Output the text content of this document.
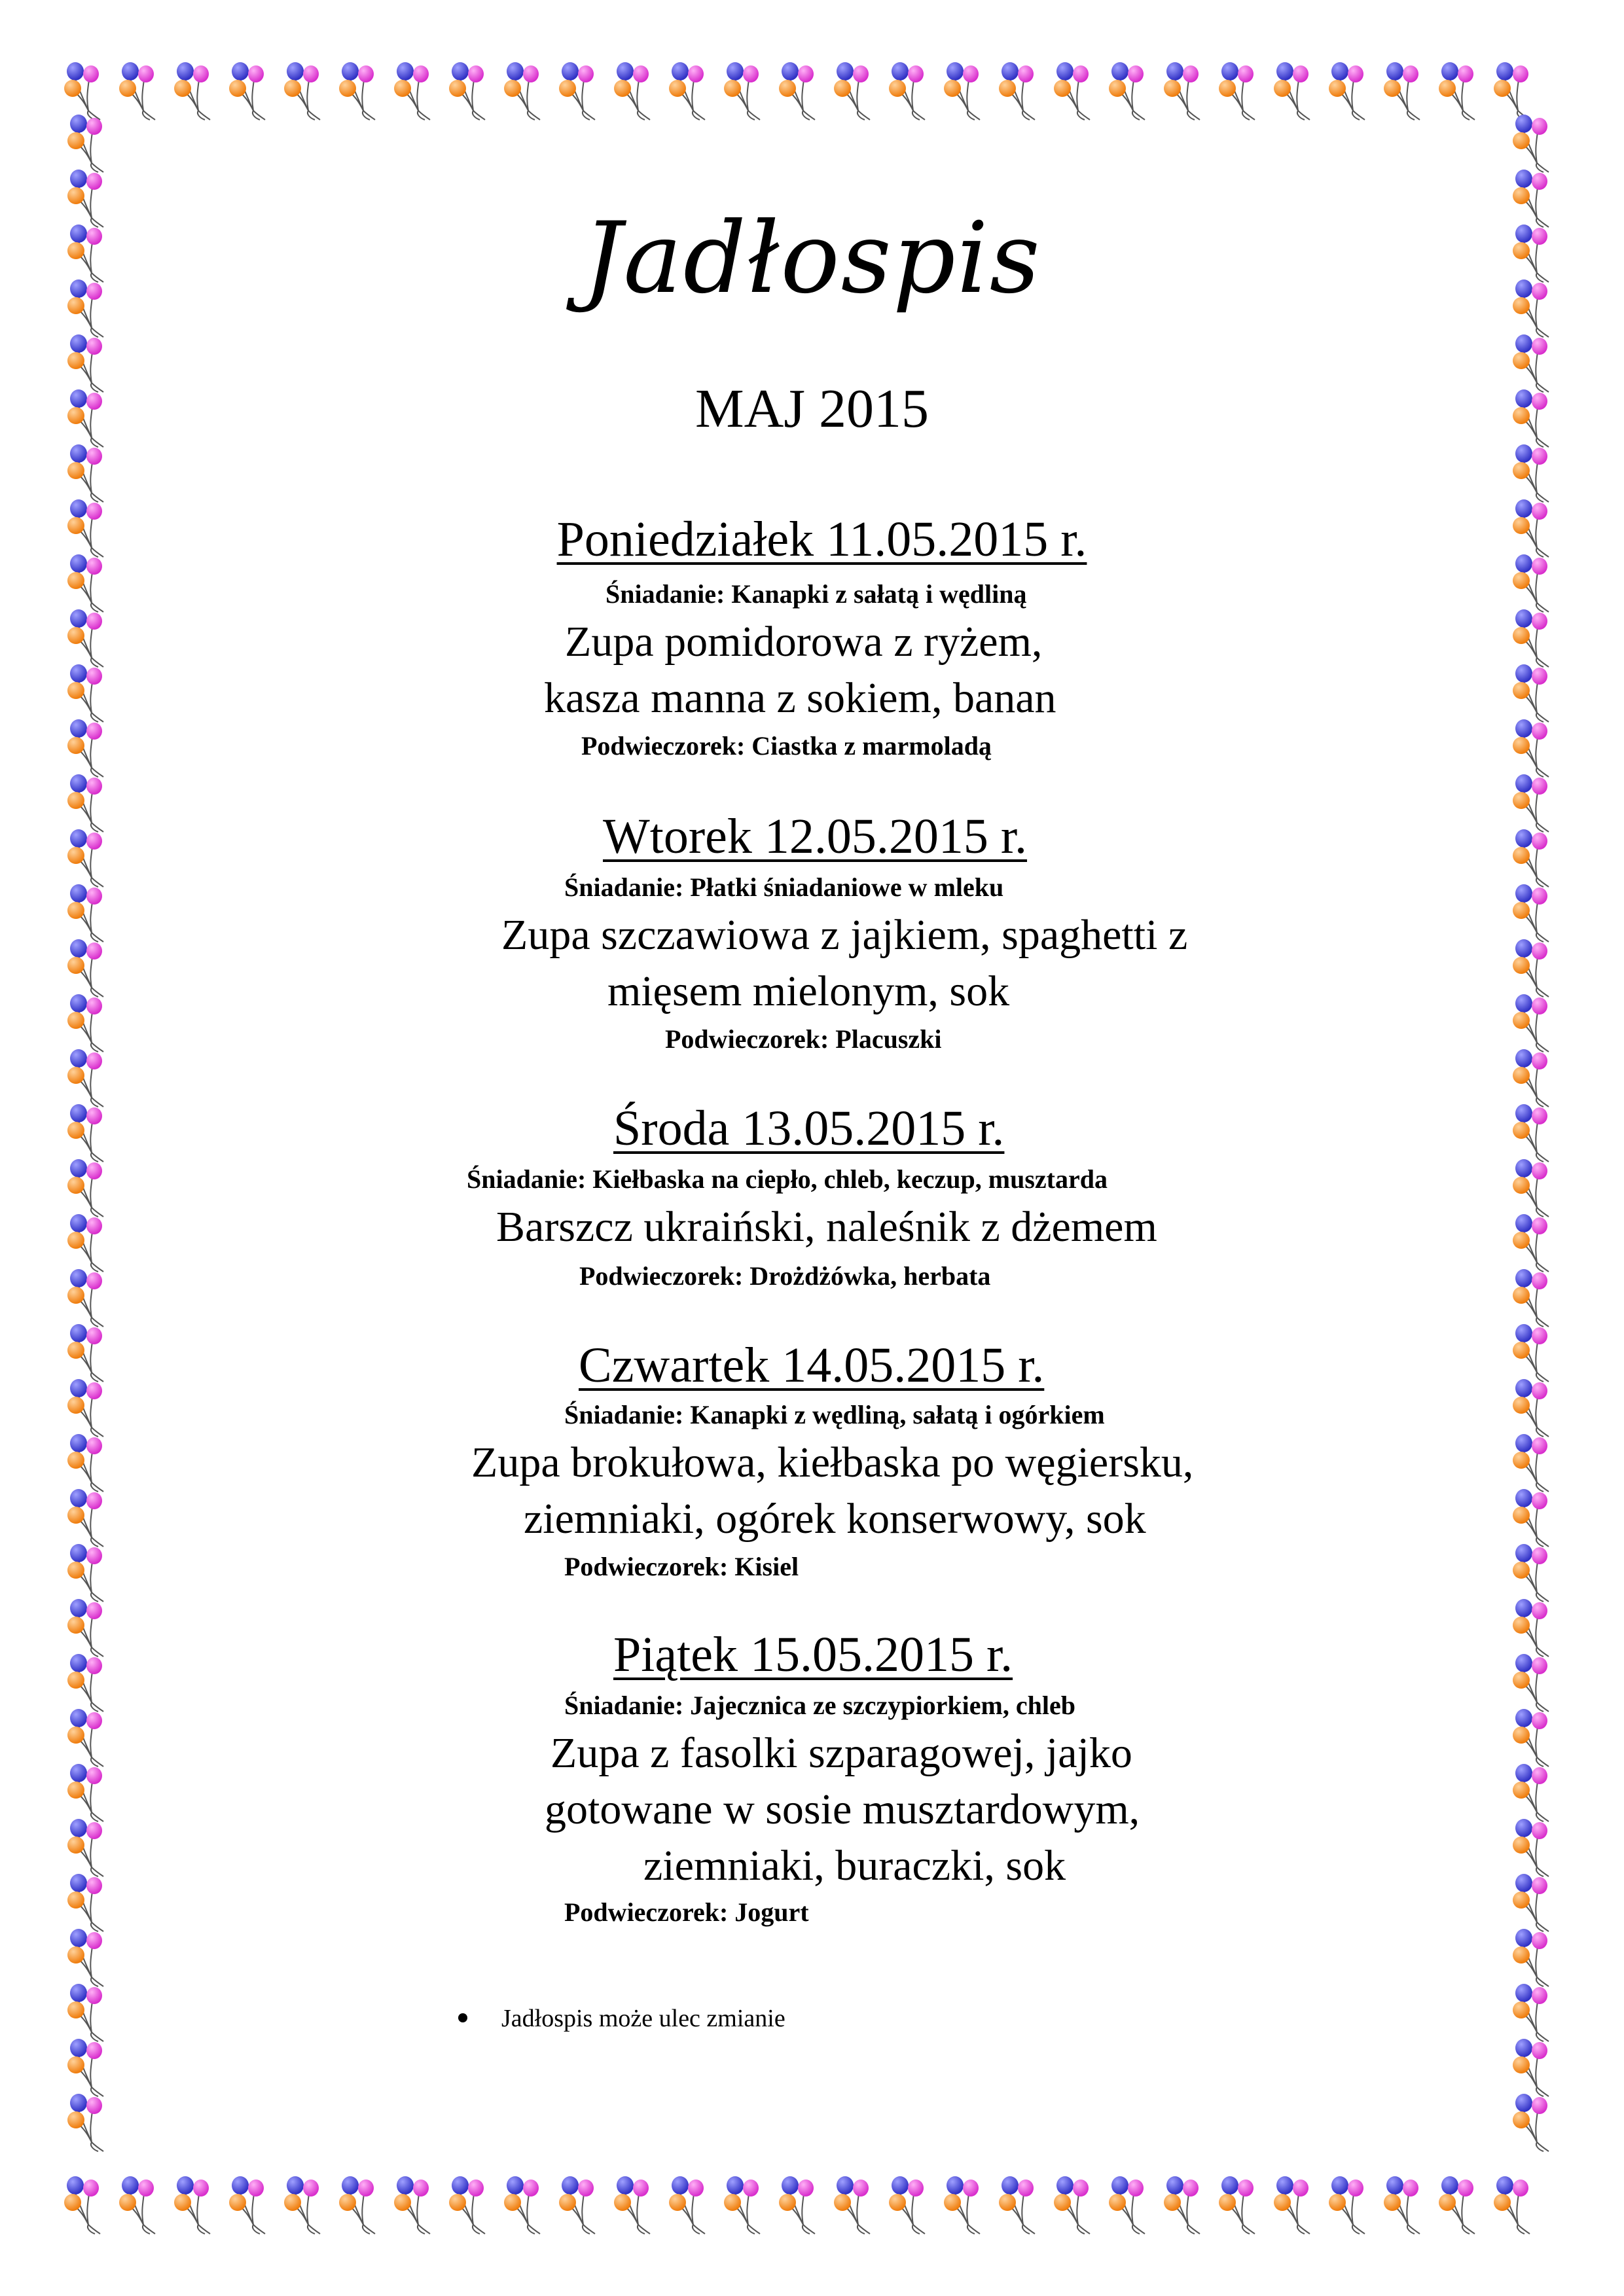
Jadłospis
MAJ 2015
Poniedziałek 11.05.2015 r.
Śniadanie: Kanapki z sałatą i wędliną
Zupa pomidorowa z ryżem,
kasza manna z sokiem, banan
Podwieczorek: Ciastka z marmoladą
Wtorek 12.05.2015 r.
Śniadanie: Płatki śniadaniowe w mleku
Zupa szczawiowa z jajkiem, spaghetti z
mięsem mielonym, sok
Podwieczorek: Placuszki
Środa 13.05.2015 r.
Śniadanie: Kiełbaska na ciepło, chleb, keczup, musztarda
Barszcz ukraiński, naleśnik z dżemem
Podwieczorek: Drożdżówka, herbata
Czwartek 14.05.2015 r.
Śniadanie: Kanapki z wędliną, sałatą i ogórkiem
Zupa brokułowa, kiełbaska po węgiersku,
ziemniaki, ogórek konserwowy, sok
Podwieczorek: Kisiel
Piątek 15.05.2015 r.
Śniadanie: Jajecznica ze szczypiorkiem, chleb
Zupa z fasolki szparagowej, jajko
gotowane w sosie musztardowym,
ziemniaki, buraczki, sok
Podwieczorek: Jogurt
Jadłospis może ulec zmianie
